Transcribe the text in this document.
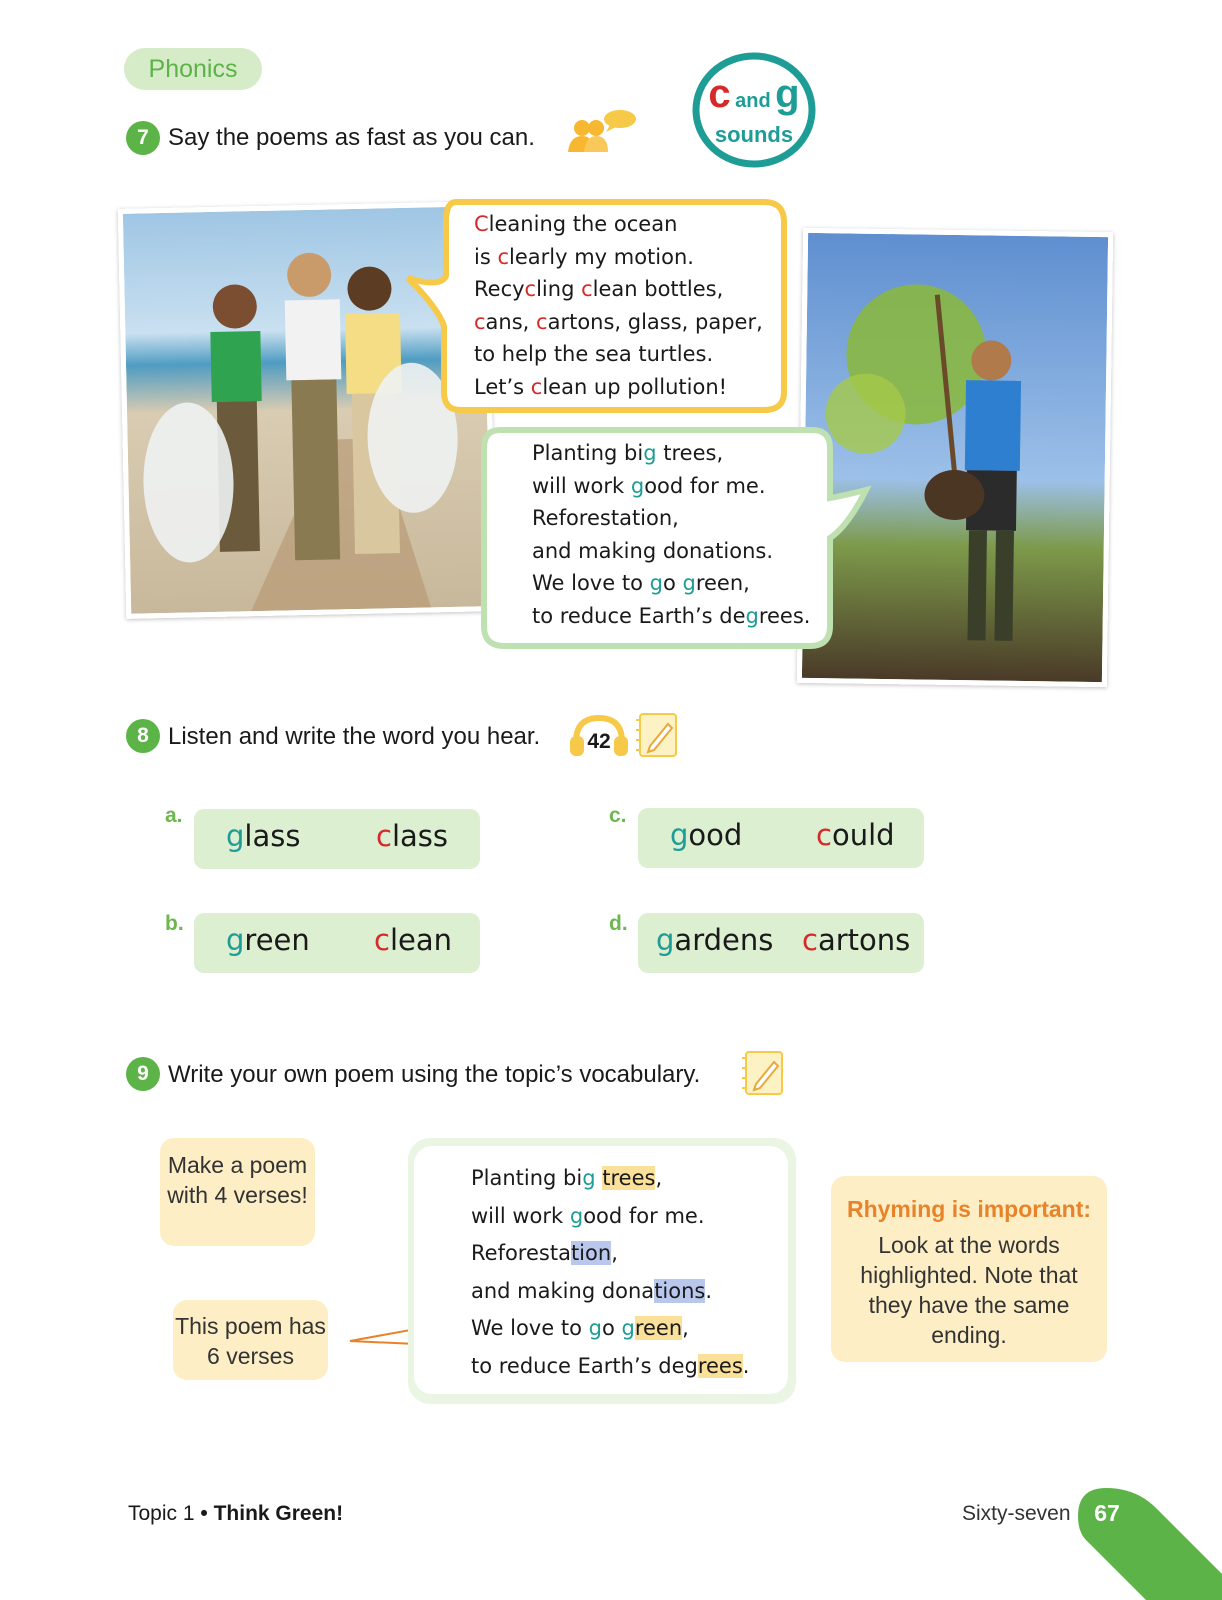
Phonics
7 Say the poems as fast as you can.
c and g
sounds
Cleaning the ocean
is clearly my motion.
Recycling clean bottles,
cans, cartons, glass, paper,
to help the sea turtles.
Let’s clean up pollution!
Planting big trees,
will work good for me.
Reforestation,
and making donations.
We love to go green,
to reduce Earth’s degrees.
8 Listen and write the word you hear. 42
a.
glass	class
b. green clean
c.
good	could
d. gardens cartons
9 Write your own poem using the topic’s vocabulary.
Make a poem with 4 verses!
This poem has 6 verses
Planting big trees,
will work good for me.
Reforestation,
and making donations.
We love to go green,
to reduce Earth’s degrees.
Rhyming is important:
Look at the words highlighted. Note that they have the same ending.
Topic 1 • Think Green!	Sixty-seven	67
